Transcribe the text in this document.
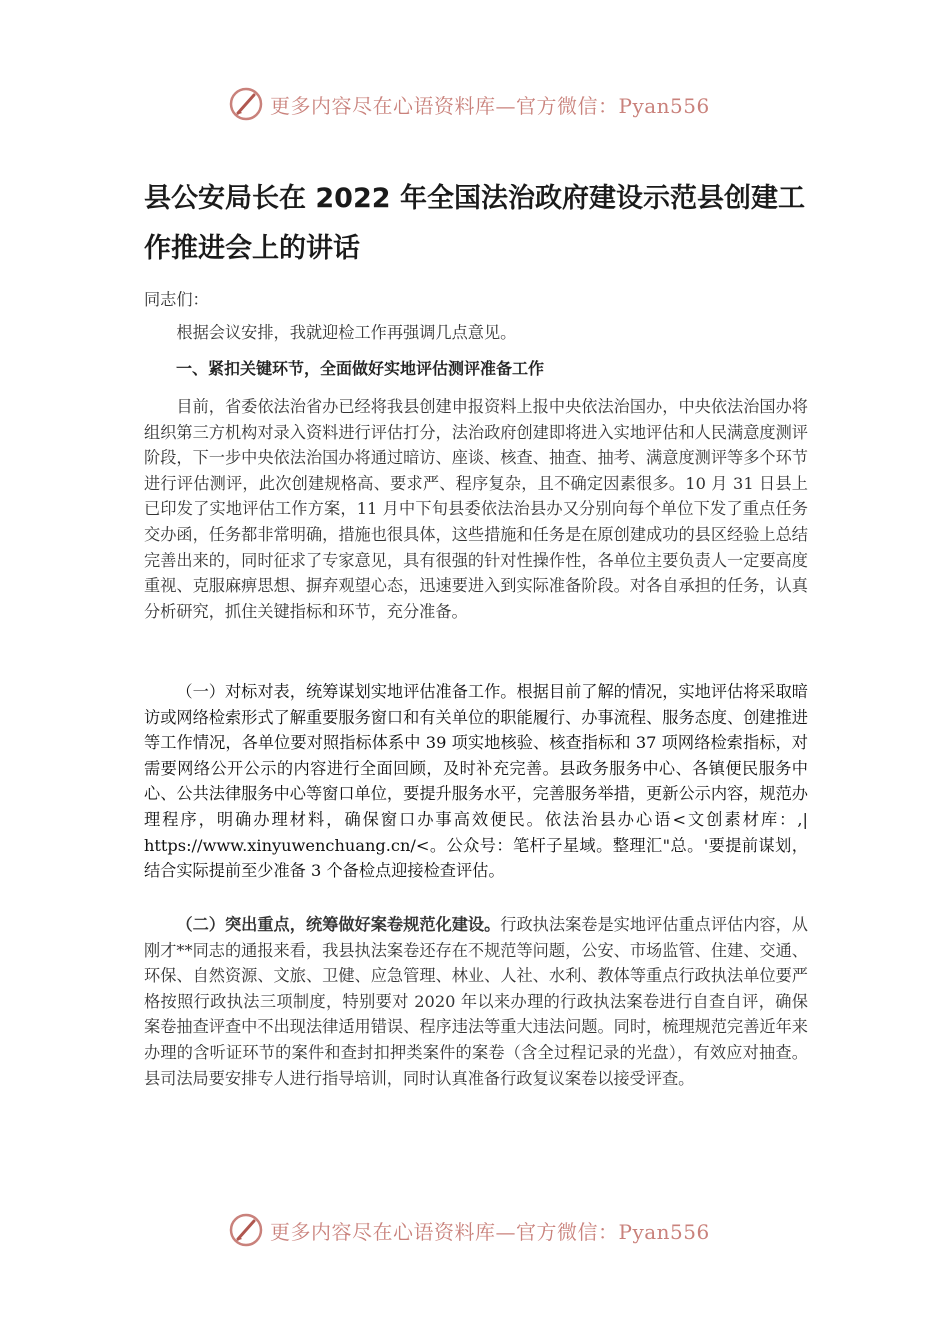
更多内容尽在心语资料库—官方微信：Pyan556
县公安局长在 2022 年全国法治政府建设示范县创建工作推进会上的讲话

同志们：

根据会议安排，我就迎检工作再强调几点意见。

一、紧扣关键环节，全面做好实地评估测评准备工作

目前，省委依法治省办已经将我县创建申报资料上报中央依法治国办，中央依法治国办将组织第三方机构对录入资料进行评估打分，法治政府创建即将进入实地评估和人民满意度测评阶段，下一步中央依法治国办将通过暗访、座谈、核查、抽查、抽考、满意度测评等多个环节进行评估测评，此次创建规格高、要求严、程序复杂，且不确定因素很多。10 月 31 日县上已印发了实地评估工作方案，11 月中下旬县委依法治县办又分别向每个单位下发了重点任务交办函，任务都非常明确，措施也很具体，这些措施和任务是在原创建成功的县区经验上总结完善出来的，同时征求了专家意见，具有很强的针对性操作性，各单位主要负责人一定要高度重视、克服麻痹思想、摒弃观望心态，迅速要进入到实际准备阶段。对各自承担的任务，认真分析研究，抓住关键指标和环节，充分准备。

（一）对标对表，统筹谋划实地评估准备工作。根据目前了解的情况，实地评估将采取暗访或网络检索形式了解重要服务窗口和有关单位的职能履行、办事流程、服务态度、创建推进等工作情况，各单位要对照指标体系中 39 项实地核验、核查指标和 37 项网络检索指标，对需要网络公开公示的内容进行全面回顾，及时补充完善。县政务服务中心、各镇便民服务中心、公共法律服务中心等窗口单位，要提升服务水平，完善服务举措，更新公示内容，规范办理程序，明确办理材料，确保窗口办事高效便民。依法治县办心语<文创素材库：,| https://www.xinyuwenchuang.cn/<。公众号：笔杆子星域。整理汇"总。'要提前谋划，结合实际提前至少准备 3 个备检点迎接检查评估。

（二）突出重点，统筹做好案卷规范化建设。行政执法案卷是实地评估重点评估内容，从刚才**同志的通报来看，我县执法案卷还存在不规范等问题，公安、市场监管、住建、交通、环保、自然资源、文旅、卫健、应急管理、林业、人社、水利、教体等重点行政执法单位要严格按照行政执法三项制度，特别要对 2020 年以来办理的行政执法案卷进行自查自评，确保案卷抽查评查中不出现法律适用错误、程序违法等重大违法问题。同时，梳理规范完善近年来办理的含听证环节的案件和查封扣押类案件的案卷（含全过程记录的光盘），有效应对抽查。县司法局要安排专人进行指导培训，同时认真准备行政复议案卷以接受评查。

更多内容尽在心语资料库—官方微信：Pyan556
